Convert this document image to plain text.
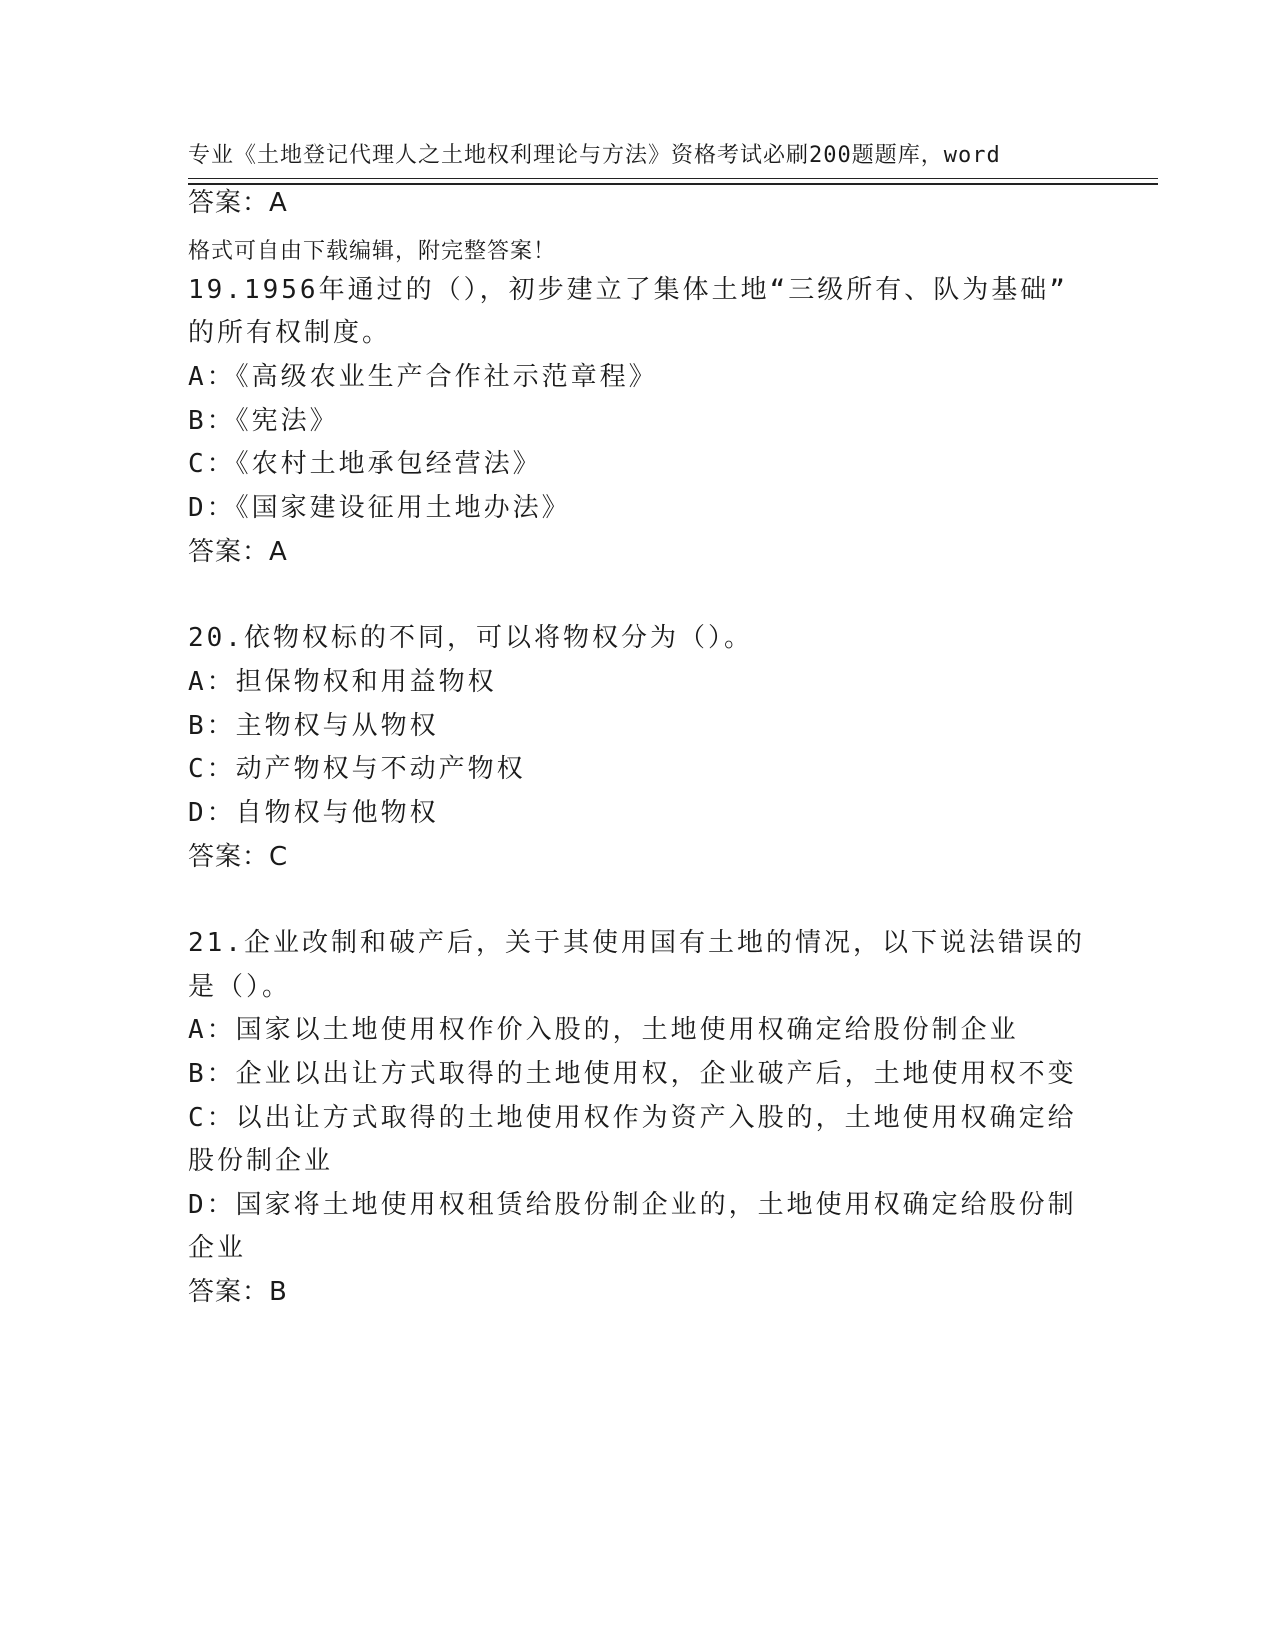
专业《土地登记代理人之土地权利理论与方法》资格考试必刷200题题库，word

格式可自由下载编辑，附完整答案！

答案：A
19.1956年通过的（），初步建立了集体土地“三级所有、队为基础”
的所有权制度。
A：《高级农业生产合作社示范章程》
B：《宪法》
C：《农村土地承包经营法》
D：《国家建设征用土地办法》
答案：A
20.依物权标的不同，可以将物权分为（）。
A：担保物权和用益物权
B：主物权与从物权
C：动产物权与不动产物权
D：自物权与他物权
答案：C
21.企业改制和破产后，关于其使用国有土地的情况，以下说法错误的
是（）。
A：国家以土地使用权作价入股的，土地使用权确定给股份制企业
B：企业以出让方式取得的土地使用权，企业破产后，土地使用权不变
C：以出让方式取得的土地使用权作为资产入股的，土地使用权确定给
股份制企业
D：国家将土地使用权租赁给股份制企业的，土地使用权确定给股份制
企业
答案：B
